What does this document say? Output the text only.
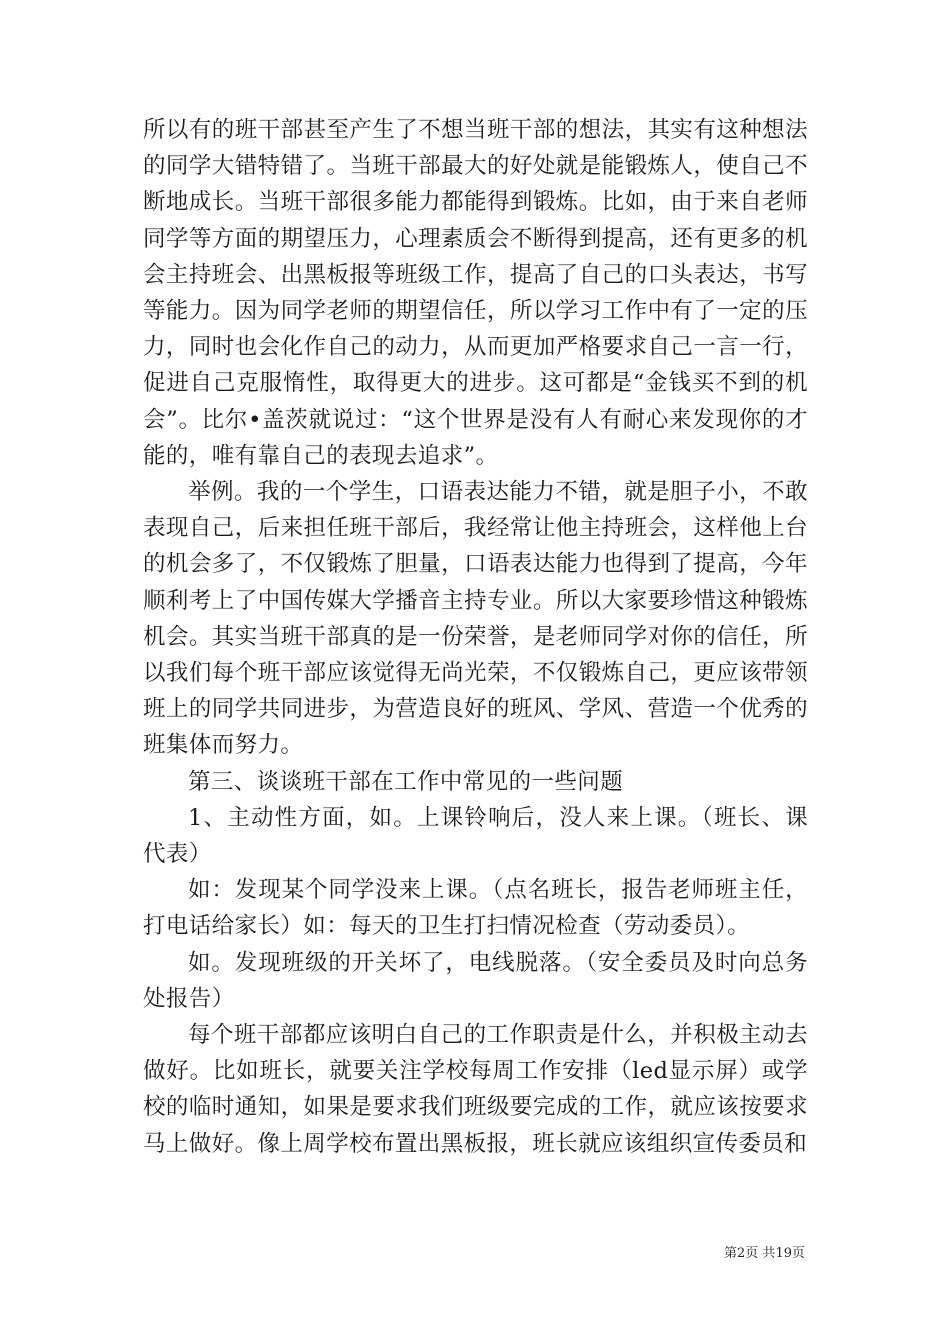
所以有的班干部甚至产生了不想当班干部的想法，其实有这种想法的同学大错特错了。当班干部最大的好处就是能锻炼人，使自己不断地成长。当班干部很多能力都能得到锻炼。比如，由于来自老师同学等方面的期望压力，心理素质会不断得到提高，还有更多的机会主持班会、出黑板报等班级工作，提高了自己的口头表达，书写等能力。因为同学老师的期望信任，所以学习工作中有了一定的压力，同时也会化作自己的动力，从而更加严格要求自己一言一行，促进自己克服惰性，取得更大的进步。这可都是“金钱买不到的机会”。比尔•盖茨就说过：“这个世界是没有人有耐心来发现你的才能的，唯有靠自己的表现去追求”。

举例。我的一个学生，口语表达能力不错，就是胆子小，不敢表现自己，后来担任班干部后，我经常让他主持班会，这样他上台的机会多了，不仅锻炼了胆量，口语表达能力也得到了提高，今年顺利考上了中国传媒大学播音主持专业。所以大家要珍惜这种锻炼机会。其实当班干部真的是一份荣誉，是老师同学对你的信任，所以我们每个班干部应该觉得无尚光荣，不仅锻炼自己，更应该带领班上的同学共同进步，为营造良好的班风、学风、营造一个优秀的班集体而努力。

第三、谈谈班干部在工作中常见的一些问题

1、主动性方面，如。上课铃响后，没人来上课。（班长、课代表）

如：发现某个同学没来上课。（点名班长，报告老师班主任，打电话给家长）如：每天的卫生打扫情况检查（劳动委员）。

如。发现班级的开关坏了，电线脱落。（安全委员及时向总务处报告）

每个班干部都应该明白自己的工作职责是什么，并积极主动去做好。比如班长，就要关注学校每周工作安排（led显示屏）或学校的临时通知，如果是要求我们班级要完成的工作，就应该按要求马上做好。像上周学校布置出黑板报，班长就应该组织宣传委员和

第2页 共19页
